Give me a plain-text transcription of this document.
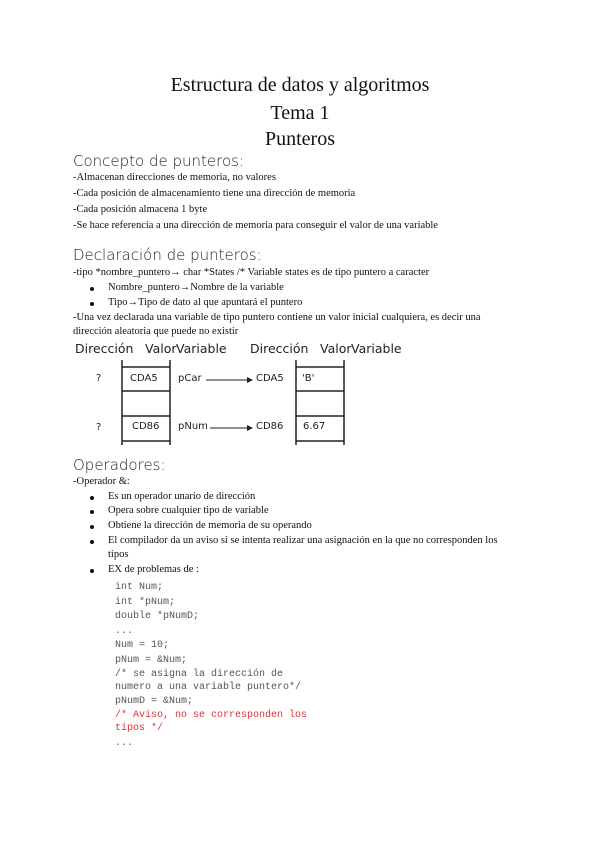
Estructura de datos y algoritmos
Tema 1
Punteros
Concepto de punteros:
-Almacenan direcciones de memoria, no valores
-Cada posición de almacenamiento tiene una dirección de memoria
-Cada posición almacena 1 byte
-Se hace referencia a una dirección de memoria para conseguir el valor de una variable
Declaración de punteros:
-tipo *nombre_puntero→ char *States /* Variable states es de tipo puntero a caracter
Nombre_puntero→Nombre de la variable
Tipo→Tipo de dato al que apuntará el puntero
-Una vez declarada una variable de tipo puntero contiene un valor inicial cualquiera, es decir una
dirección aleatoria que puede no existir
Dirección Valor Variable Dirección Valor Variable
?	CDA5 pCar
?	CD86 pNum
CDA5 'B'
CD86 6.67
Operadores:
-Operador &:
Es un operador unario de dirección
Opera sobre cualquier tipo de variable
Obtiene la dirección de memoria de su operando
El compilador da un aviso si se intenta realizar una asignación en la que no corresponden los
tipos
EX de problemas de :
int Num;
int *pNum;
double *pNumD;
...
Num = 10;
pNum = &Num;
/* se asigna la dirección de
numero a una variable puntero*/
pNumD = &Num;
/* Aviso, no se corresponden los
tipos */
...
